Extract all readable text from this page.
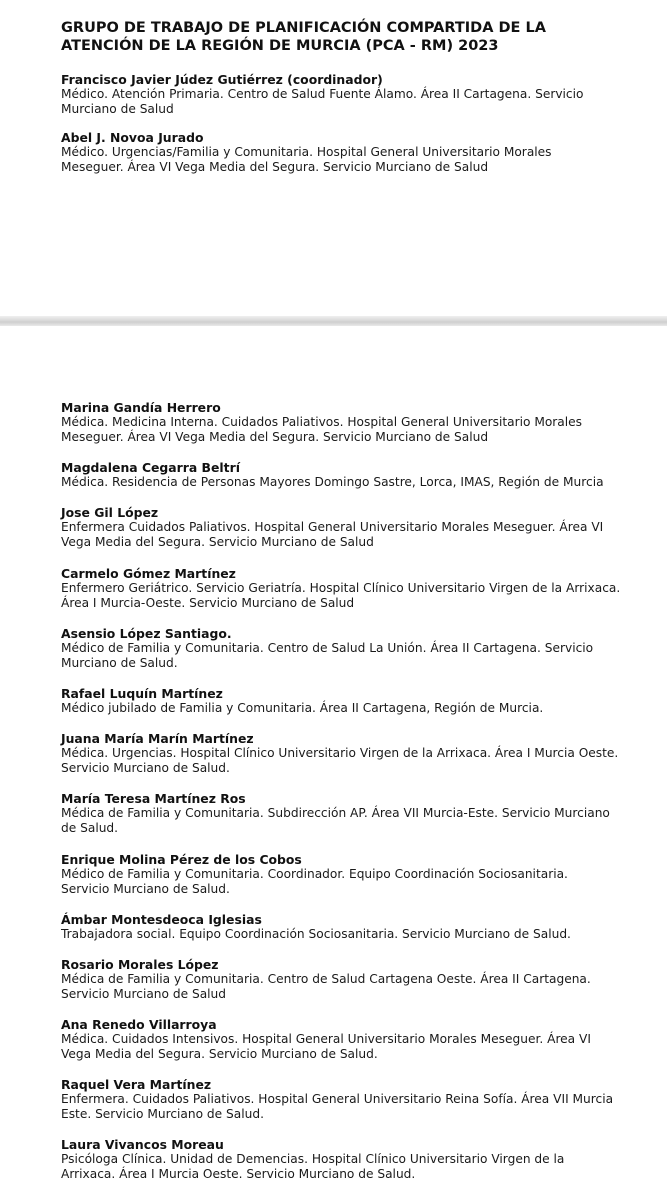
GRUPO DE TRABAJO DE PLANIFICACIÓN COMPARTIDA DE LA
ATENCIÓN DE LA REGIÓN DE MURCIA (PCA - RM) 2023
Francisco Javier Júdez Gutiérrez (coordinador)
Médico. Atención Primaria. Centro de Salud Fuente Álamo. Área II Cartagena. Servicio
Murciano de Salud
Abel J. Novoa Jurado
Médico. Urgencias/Familia y Comunitaria. Hospital General Universitario Morales
Meseguer. Área VI Vega Media del Segura. Servicio Murciano de Salud
Marina Gandía Herrero
Médica. Medicina Interna. Cuidados Paliativos. Hospital General Universitario Morales
Meseguer. Área VI Vega Media del Segura. Servicio Murciano de Salud
Magdalena Cegarra Beltrí
Médica. Residencia de Personas Mayores Domingo Sastre, Lorca, IMAS, Región de Murcia
Jose Gil López
Enfermera Cuidados Paliativos. Hospital General Universitario Morales Meseguer. Área VI
Vega Media del Segura. Servicio Murciano de Salud
Carmelo Gómez Martínez
Enfermero Geriátrico. Servicio Geriatría. Hospital Clínico Universitario Virgen de la Arrixaca.
Área I Murcia-Oeste. Servicio Murciano de Salud
Asensio López Santiago.
Médico de Familia y Comunitaria. Centro de Salud La Unión. Área II Cartagena. Servicio
Murciano de Salud.
Rafael Luquín Martínez
Médico jubilado de Familia y Comunitaria. Área II Cartagena, Región de Murcia.
Juana María Marín Martínez
Médica. Urgencias. Hospital Clínico Universitario Virgen de la Arrixaca. Área I Murcia Oeste.
Servicio Murciano de Salud.
María Teresa Martínez Ros
Médica de Familia y Comunitaria. Subdirección AP. Área VII Murcia-Este. Servicio Murciano
de Salud.
Enrique Molina Pérez de los Cobos
Médico de Familia y Comunitaria. Coordinador. Equipo Coordinación Sociosanitaria.
Servicio Murciano de Salud.
Ámbar Montesdeoca Iglesias
Trabajadora social. Equipo Coordinación Sociosanitaria. Servicio Murciano de Salud.
Rosario Morales López
Médica de Familia y Comunitaria. Centro de Salud Cartagena Oeste. Área II Cartagena.
Servicio Murciano de Salud
Ana Renedo Villarroya
Médica. Cuidados Intensivos. Hospital General Universitario Morales Meseguer. Área VI
Vega Media del Segura. Servicio Murciano de Salud.
Raquel Vera Martínez
Enfermera. Cuidados Paliativos. Hospital General Universitario Reina Sofía. Área VII Murcia
Este. Servicio Murciano de Salud.
Laura Vivancos Moreau
Psicóloga Clínica. Unidad de Demencias. Hospital Clínico Universitario Virgen de la
Arrixaca. Área I Murcia Oeste. Servicio Murciano de Salud.
